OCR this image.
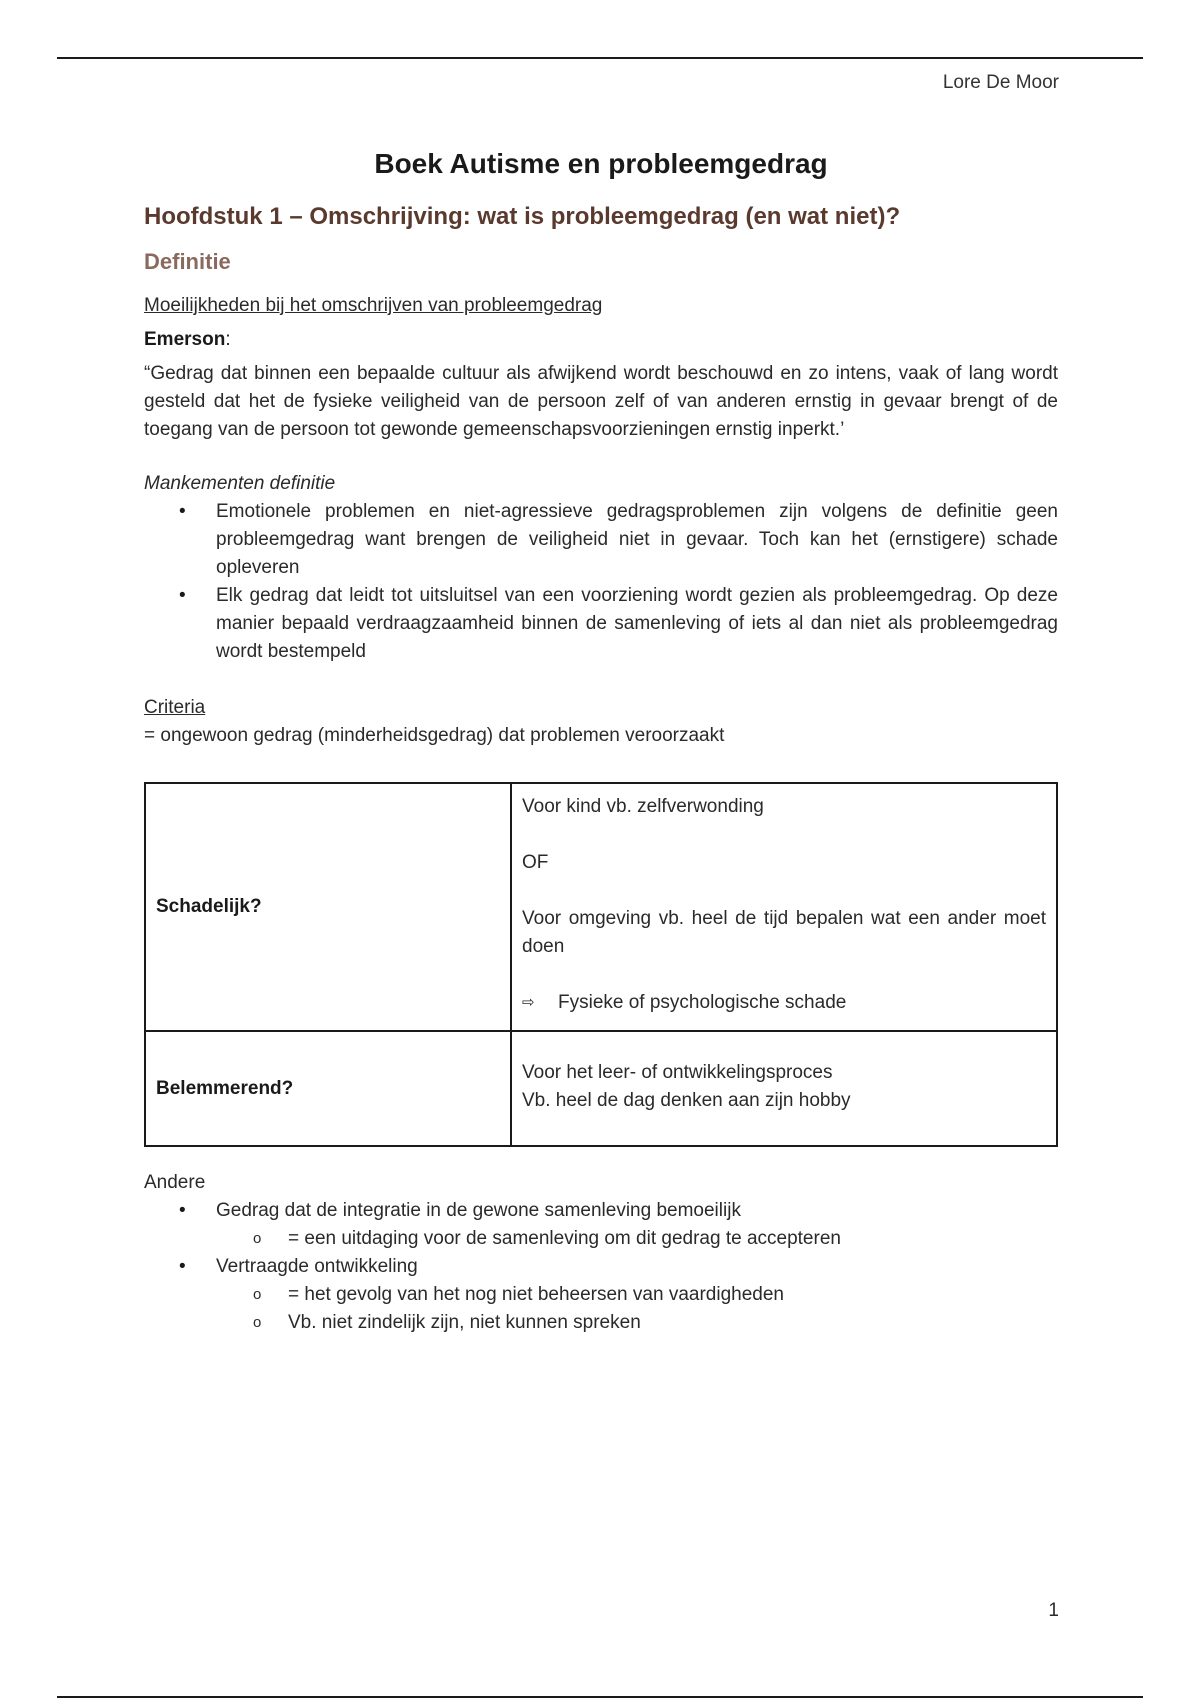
Lore De Moor
Boek Autisme en probleemgedrag
Hoofdstuk 1 – Omschrijving: wat is probleemgedrag (en wat niet)?
Definitie

Moeilijkheden bij het omschrijven van probleemgedrag

Emerson:

“Gedrag dat binnen een bepaalde cultuur als afwijkend wordt beschouwd en zo intens, vaak of lang wordt gesteld dat het de fysieke veiligheid van de persoon zelf of van anderen ernstig in gevaar brengt of de toegang van de persoon tot gewonde gemeenschapsvoorzieningen ernstig inperkt.’

Mankementen definitie

• Emotionele problemen en niet-agressieve gedragsproblemen zijn volgens de definitie geen probleemgedrag want brengen de veiligheid niet in gevaar. Toch kan het (ernstigere) schade opleveren
• Elk gedrag dat leidt tot uitsluitsel van een voorziening wordt gezien als probleemgedrag. Op deze manier bepaald verdraagzaamheid binnen de samenleving of iets al dan niet als probleemgedrag wordt bestempeld

Criteria

= ongewoon gedrag (minderheidsgedrag) dat problemen veroorzaakt

Schadelijk?	Voor kind vb. zelfverwonding
OF
Voor omgeving vb. heel de tijd bepalen wat een ander moet doen
⇨ Fysieke of psychologische schade

Belemmerend?	Voor het leer- of ontwikkelingsproces
Vb. heel de dag denken aan zijn hobby

Andere

• Gedrag dat de integratie in de gewone samenleving bemoeilijk
o = een uitdaging voor de samenleving om dit gedrag te accepteren
• Vertraagde ontwikkeling
o = het gevolg van het nog niet beheersen van vaardigheden
o Vb. niet zindelijk zijn, niet kunnen spreken
1
